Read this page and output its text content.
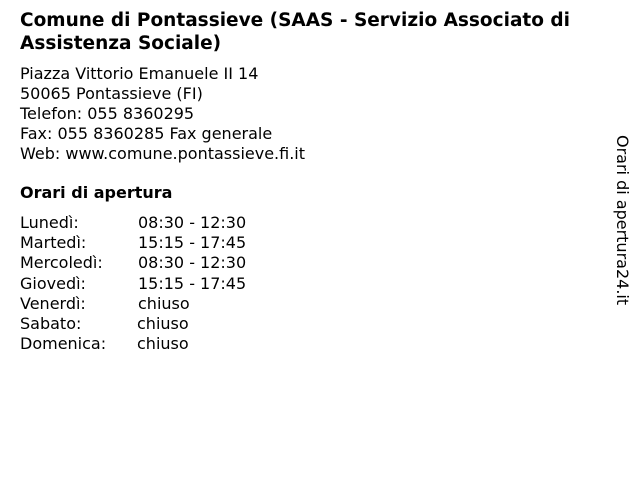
Comune di Pontassieve (SAAS - Servizio Associato di Assistenza Sociale)
Piazza Vittorio Emanuele II 14
50065 Pontassieve (FI)
Telefon: 055 8360295
Fax: 055 8360285 Fax generale
Web: www.comune.pontassieve.fi.it
Orari di apertura
Lunedì:	08:30 - 12:30
Martedì:	15:15 - 17:45
Mercoledì: 08:30 - 12:30
Giovedì:	15:15 - 17:45
Venerdì:	chiuso
Sabato:	chiuso
Domenica: chiuso
Orari di apertura24.it
